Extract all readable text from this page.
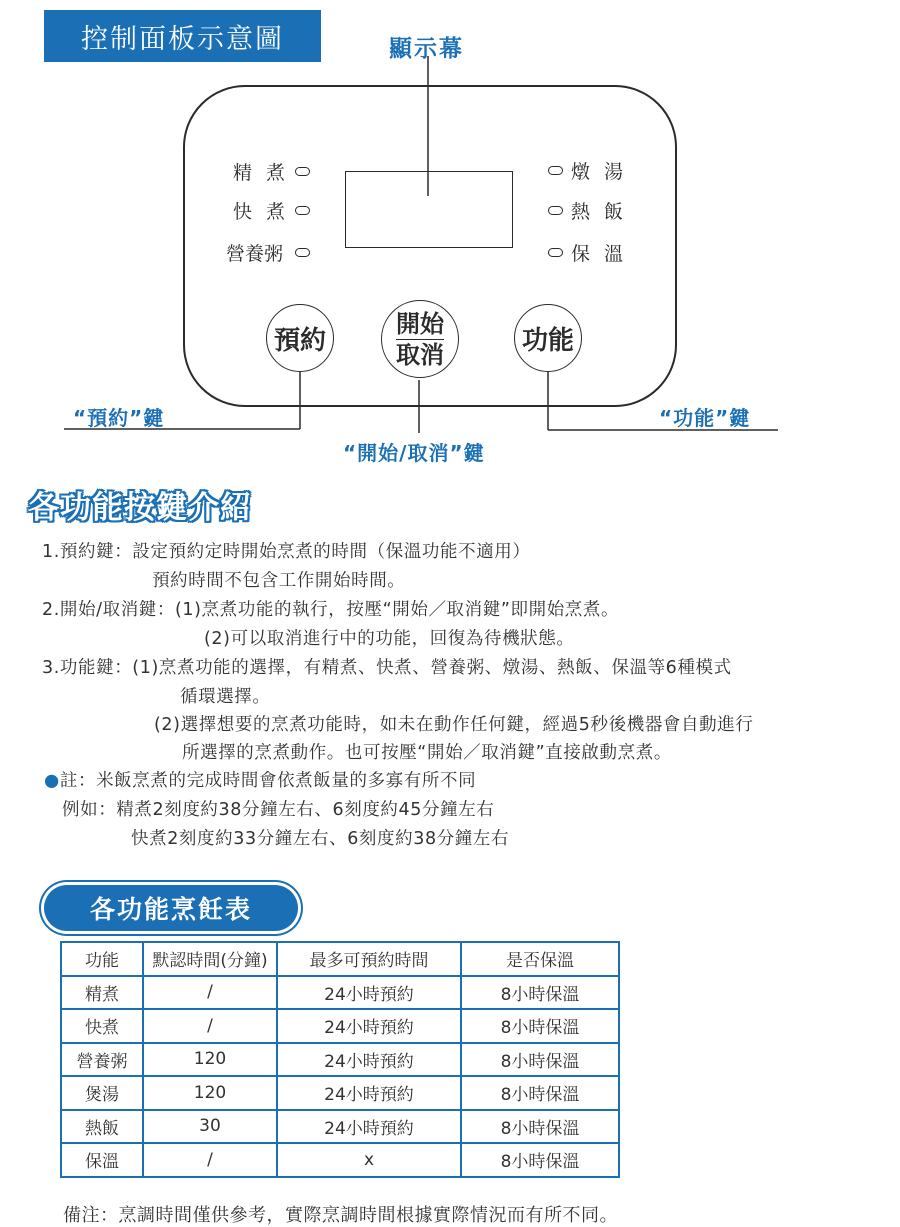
控制面板示意圖	顯示幕
精 煮
快 煮
營養粥
燉 湯
熱 飯
保 溫
預約
開始
取消	功能
“預約”鍵
“開始/取消”鍵
“功能”鍵
各功能按鍵介紹
1.預約鍵：設定預約定時開始烹煮的時間（保溫功能不適用）
預約時間不包含工作開始時間。
2.開始/取消鍵：(1)烹煮功能的執行，按壓“開始／取消鍵”即開始烹煮。
(2)可以取消進行中的功能，回復為待機狀態。
3.功能鍵：(1)烹煮功能的選擇，有精煮、快煮、營養粥、燉湯、熱飯、保溫等6種模式
循環選擇。
(2)選擇想要的烹煮功能時，如未在動作任何鍵，經過5秒後機器會自動進行
所選擇的烹煮動作。也可按壓“開始／取消鍵”直接啟動烹煮。
●註：米飯烹煮的完成時間會依煮飯量的多寡有所不同
例如：精煮2刻度約38分鐘左右、6刻度約45分鐘左右
快煮2刻度約33分鐘左右、6刻度約38分鐘左右
各功能烹飪表
功能	默認時間(分鐘)	最多可預約時間	是否保溫
精煮	/	24小時預約	8小時保溫
快煮	/	24小時預約	8小時保溫
營養粥	120	24小時預約	8小時保溫
煲湯	120	24小時預約	8小時保溫
熱飯	30	24小時預約	8小時保溫
保溫	/	x	8小時保溫
備注：烹調時間僅供參考，實際烹調時間根據實際情況而有所不同。
